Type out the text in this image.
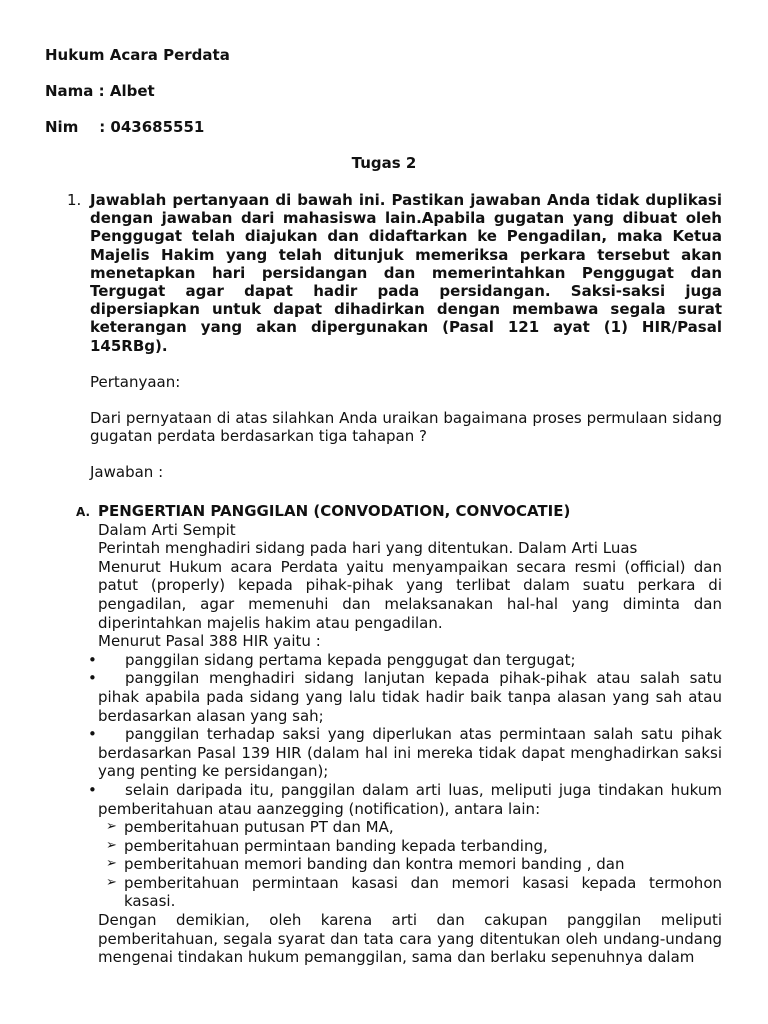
Hukum Acara Perdata
Nama : Albet
Nim    : 043685551
Tugas 2
1. Jawablah pertanyaan di bawah ini. Pastikan jawaban Anda tidak duplikasi dengan jawaban dari mahasiswa lain.Apabila gugatan yang dibuat oleh Penggugat telah diajukan dan didaftarkan ke Pengadilan, maka Ketua Majelis Hakim yang telah ditunjuk memeriksa perkara tersebut akan menetapkan hari persidangan dan memerintahkan Penggugat dan Tergugat agar dapat hadir pada persidangan. Saksi-saksi juga dipersiapkan untuk dapat dihadirkan dengan membawa segala surat keterangan yang akan dipergunakan (Pasal 121 ayat (1) HIR/Pasal 145RBg).

Pertanyaan:

Dari pernyataan di atas silahkan Anda uraikan bagaimana proses permulaan sidang gugatan perdata berdasarkan tiga tahapan ?

Jawaban :

A. PENGERTIAN PANGGILAN (CONVODATION, CONVOCATIE)

Dalam Arti Sempit

Perintah menghadiri sidang pada hari yang ditentukan. Dalam Arti Luas

Menurut Hukum acara Perdata yaitu menyampaikan secara resmi (official) dan patut (properly) kepada pihak-pihak yang terlibat dalam suatu perkara di pengadilan, agar memenuhi dan melaksanakan hal-hal yang diminta dan diperintahkan majelis hakim atau pengadilan.

Menurut Pasal 388 HIR yaitu :

• panggilan sidang pertama kepada penggugat dan tergugat;
• panggilan menghadiri sidang lanjutan kepada pihak-pihak atau salah satu pihak apabila pada sidang yang lalu tidak hadir baik tanpa alasan yang sah atau berdasarkan alasan yang sah;
• panggilan terhadap saksi yang diperlukan atas permintaan salah satu pihak berdasarkan Pasal 139 HIR (dalam hal ini mereka tidak dapat menghadirkan saksi yang penting ke persidangan);
• selain daripada itu, panggilan dalam arti luas, meliputi juga tindakan hukum pemberitahuan atau aanzegging (notification), antara lain:
➢ pemberitahuan putusan PT dan MA,
➢ pemberitahuan permintaan banding kepada terbanding,
➢ pemberitahuan memori banding dan kontra memori banding , dan
➢ pemberitahuan permintaan kasasi dan memori kasasi kepada termohon kasasi.

Dengan demikian, oleh karena arti dan cakupan panggilan meliputi pemberitahuan, segala syarat dan tata cara yang ditentukan oleh undang-undang mengenai tindakan hukum pemanggilan, sama dan berlaku sepenuhnya dalam
